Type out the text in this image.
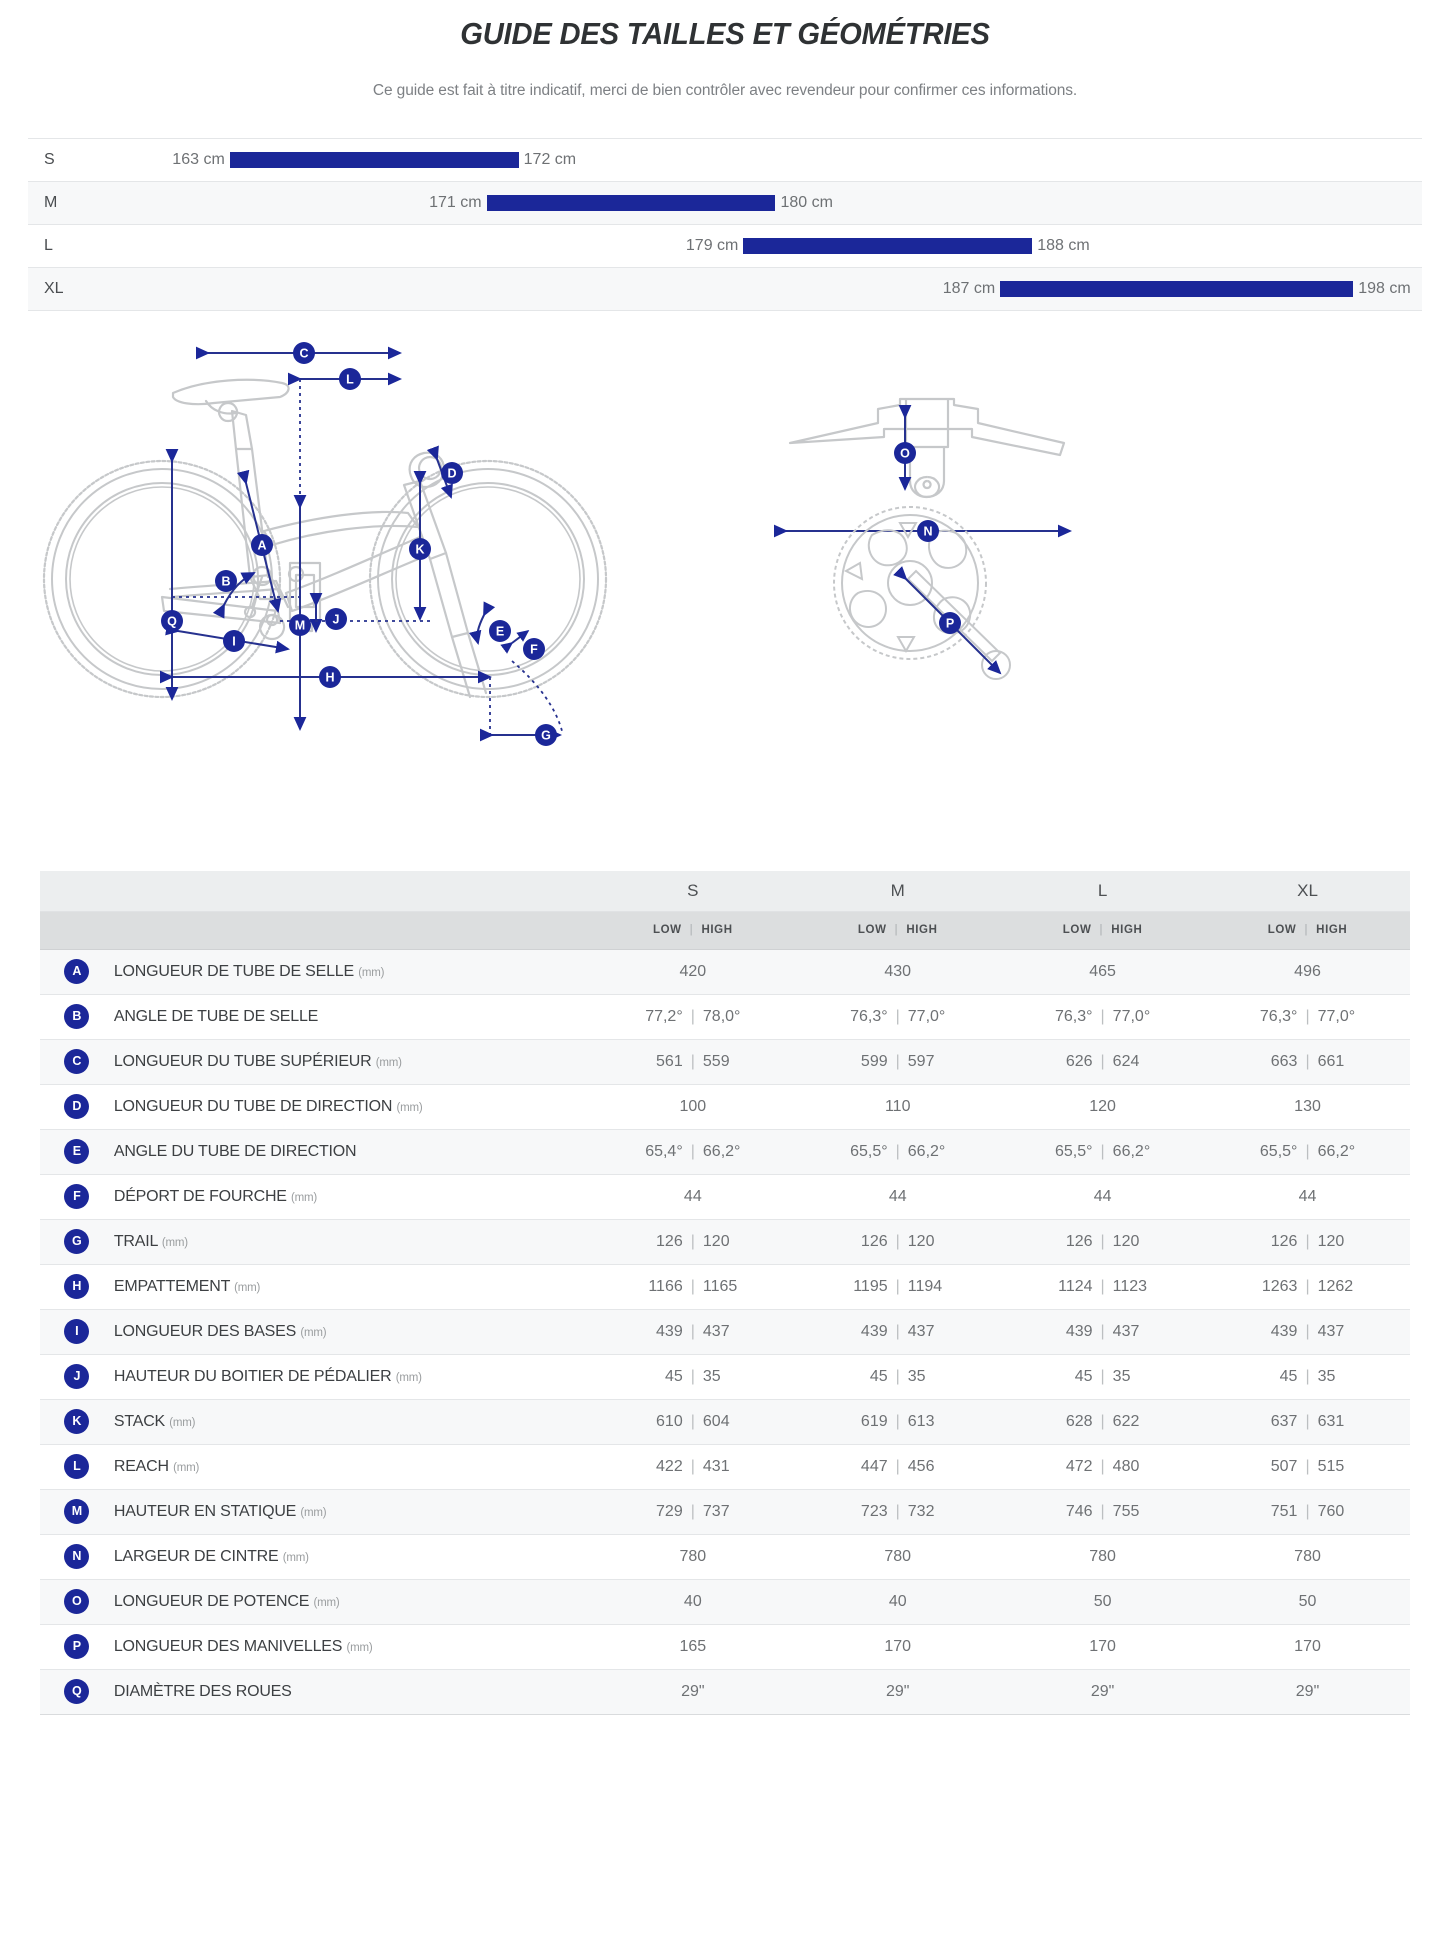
GUIDE DES TAILLES ET GÉOMÉTRIES
Ce guide est fait à titre indicatif, merci de bien contrôler avec revendeur pour confirmer ces informations.
S	163 cm	172 cm
M	171 cm	180 cm
L	179 cm	188 cm
XL	187 cm	198 cm
A
B
C
D
E
F
G
H
I
J
K
L
M
N
O
P
Q
		S	M	L	XL
		LOW | HIGH	LOW | HIGH	LOW | HIGH	LOW | HIGH
A	LONGUEUR DE TUBE DE SELLE (mm)	420	430	465	496
B	ANGLE DE TUBE DE SELLE	77,2° | 78,0°	76,3° | 77,0°	76,3° | 77,0°	76,3° | 77,0°
C	LONGUEUR DU TUBE SUPÉRIEUR (mm)	561 | 559	599 | 597	626 | 624	663 | 661
D	LONGUEUR DU TUBE DE DIRECTION (mm)	100	110	120	130
E	ANGLE DU TUBE DE DIRECTION	65,4° | 66,2°	65,5° | 66,2°	65,5° | 66,2°	65,5° | 66,2°
F	DÉPORT DE FOURCHE (mm)	44	44	44	44
G	TRAIL (mm)	126 | 120	126 | 120	126 | 120	126 | 120
H	EMPATTEMENT (mm)	1166 | 1165	1195 | 1194	1124 | 1123	1263 | 1262
I	LONGUEUR DES BASES (mm)	439 | 437	439 | 437	439 | 437	439 | 437
J	HAUTEUR DU BOITIER DE PÉDALIER (mm)	45 | 35	45 | 35	45 | 35	45 | 35
K	STACK (mm)	610 | 604	619 | 613	628 | 622	637 | 631
L	REACH (mm)	422 | 431	447 | 456	472 | 480	507 | 515
M	HAUTEUR EN STATIQUE (mm)	729 | 737	723 | 732	746 | 755	751 | 760
N	LARGEUR DE CINTRE (mm)	780	780	780	780
O	LONGUEUR DE POTENCE (mm)	40	40	50	50
P	LONGUEUR DES MANIVELLES (mm)	165	170	170	170
Q	DIAMÈTRE DES ROUES	29"	29"	29"	29"
